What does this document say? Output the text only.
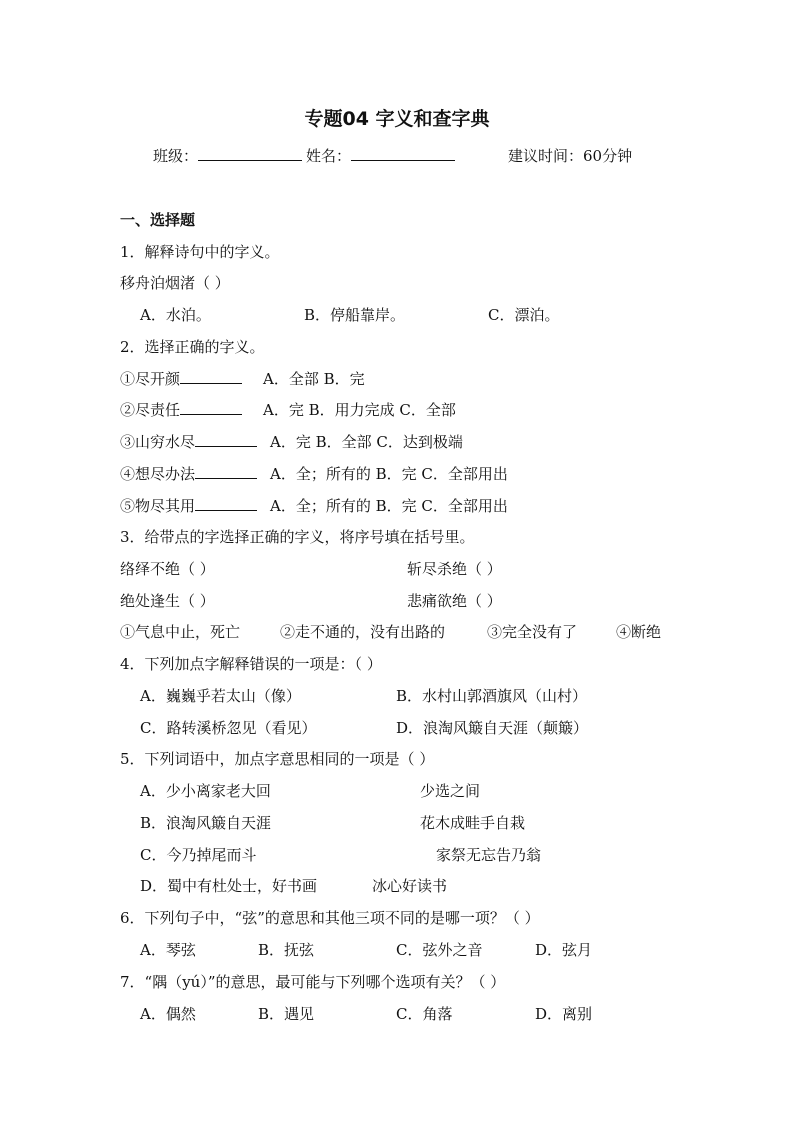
专题04 字义和查字典
班级：	姓名：	建议时间：60分钟
一、选择题
1．解释诗句中的字义。
移舟泊烟渚（ ）
A．水泊。	B．停船靠岸。	C．漂泊。
2．选择正确的字义。
①尽开颜	A．全部 B．完
②尽责任	A．完 B．用力完成 C．全部
③山穷水尽	A．完 B．全部 C．达到极端
④想尽办法	A．全；所有的 B．完 C．全部用出
⑤物尽其用	A．全；所有的 B．完 C．全部用出
3．给带点的字选择正确的字义，将序号填在括号里。
络绎不绝（ ）	斩尽杀绝（ ）
绝处逢生（ ）	悲痛欲绝（ ）
①气息中止，死亡	②走不通的，没有出路的	③完全没有了	④断绝
4．下列加点字解释错误的一项是：（ ）
A．巍巍乎若太山（像）	B．水村山郭酒旗风（山村）
C．路转溪桥忽见（看见）	D．浪淘风簸自天涯（颠簸）
5．下列词语中，加点字意思相同的一项是（ ）
A．少小离家老大回	少选之间
B．浪淘风簸自天涯	花木成畦手自栽
C．今乃掉尾而斗	家祭无忘告乃翁
D．蜀中有杜处士，好书画	冰心好读书
6．下列句子中，“弦”的意思和其他三项不同的是哪一项？（ ）
A．琴弦	B．抚弦	C．弦外之音	D．弦月
7．“隅（yú）”的意思，最可能与下列哪个选项有关？（ ）
A．偶然	B．遇见	C．角落	D．离别
